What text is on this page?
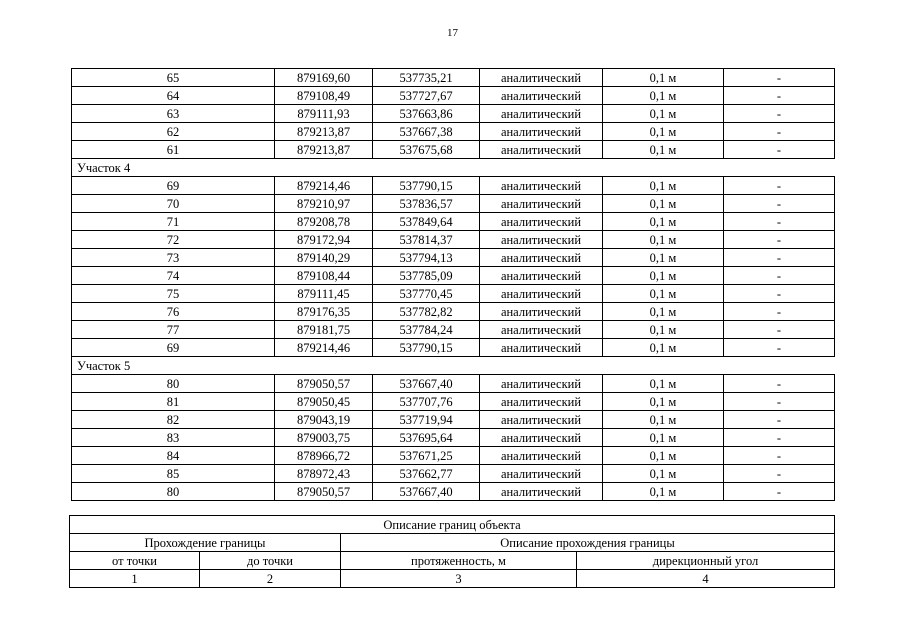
17
65	879169,60	537735,21	аналитический	0,1 м	-
64	879108,49	537727,67	аналитический	0,1 м	-
63	879111,93	537663,86	аналитический	0,1 м	-
62	879213,87	537667,38	аналитический	0,1 м	-
61	879213,87	537675,68	аналитический	0,1 м	-
Участок 4					
69	879214,46	537790,15	аналитический	0,1 м	-
70	879210,97	537836,57	аналитический	0,1 м	-
71	879208,78	537849,64	аналитический	0,1 м	-
72	879172,94	537814,37	аналитический	0,1 м	-
73	879140,29	537794,13	аналитический	0,1 м	-
74	879108,44	537785,09	аналитический	0,1 м	-
75	879111,45	537770,45	аналитический	0,1 м	-
76	879176,35	537782,82	аналитический	0,1 м	-
77	879181,75	537784,24	аналитический	0,1 м	-
69	879214,46	537790,15	аналитический	0,1 м	-
Участок 5					
80	879050,57	537667,40	аналитический	0,1 м	-
81	879050,45	537707,76	аналитический	0,1 м	-
82	879043,19	537719,94	аналитический	0,1 м	-
83	879003,75	537695,64	аналитический	0,1 м	-
84	878966,72	537671,25	аналитический	0,1 м	-
85	878972,43	537662,77	аналитический	0,1 м	-
80	879050,57	537667,40	аналитический	0,1 м	-
Описание границ объекта			
Прохождение границы		Описание прохождения границы	
от точки	до точки	протяженность, м	дирекционный угол
1	2	3	4
